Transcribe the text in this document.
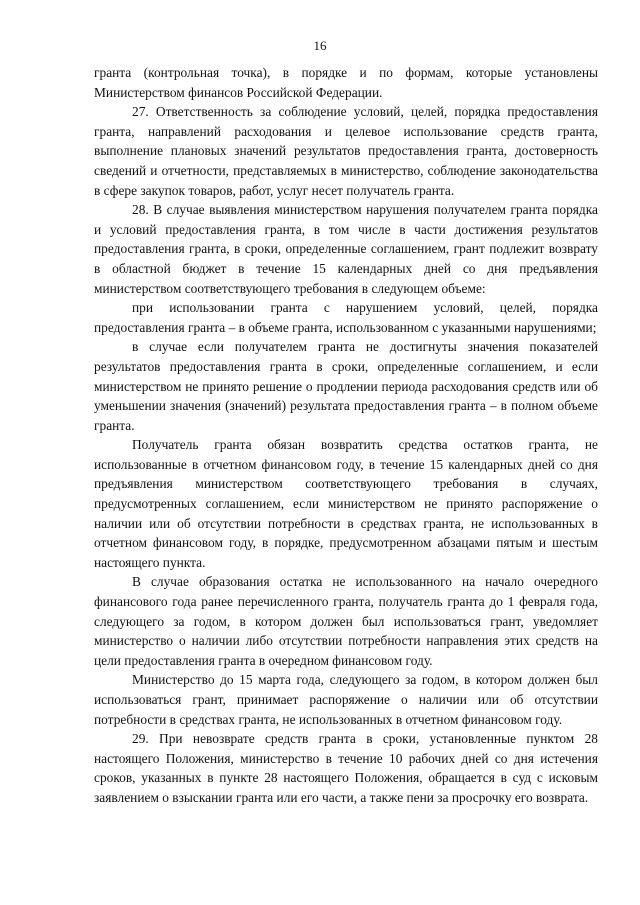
16

гранта (контрольная точка), в порядке и по формам, которые установлены Министерством финансов Российской Федерации.

27. Ответственность за соблюдение условий, целей, порядка предоставления гранта, направлений расходования и целевое использование средств гранта, выполнение плановых значений результатов предоставления гранта, достоверность сведений и отчетности, представляемых в министерство, соблюдение законодательства в сфере закупок товаров, работ, услуг несет получатель гранта.

28. В случае выявления министерством нарушения получателем гранта порядка и условий предоставления гранта, в том числе в части достижения результатов предоставления гранта, в сроки, определенные соглашением, грант подлежит возврату в областной бюджет в течение 15 календарных дней со дня предъявления министерством соответствующего требования в следующем объеме:

при использовании гранта с нарушением условий, целей, порядка предоставления гранта – в объеме гранта, использованном с указанными нарушениями;

в случае если получателем гранта не достигнуты значения показателей результатов предоставления гранта в сроки, определенные соглашением, и если министерством не принято решение о продлении периода расходования средств или об уменьшении значения (значений) результата предоставления гранта – в полном объеме гранта.

Получатель гранта обязан возвратить средства остатков гранта, не использованные в отчетном финансовом году, в течение 15 календарных дней со дня предъявления министерством соответствующего требования в случаях, предусмотренных соглашением, если министерством не принято распоряжение о наличии или об отсутствии потребности в средствах гранта, не использованных в отчетном финансовом году, в порядке, предусмотренном абзацами пятым и шестым настоящего пункта.

В случае образования остатка не использованного на начало очередного финансового года ранее перечисленного гранта, получатель гранта до 1 февраля года, следующего за годом, в котором должен был использоваться грант, уведомляет министерство о наличии либо отсутствии потребности направления этих средств на цели предоставления гранта в очередном финансовом году.

Министерство до 15 марта года, следующего за годом, в котором должен был использоваться грант, принимает распоряжение о наличии или об отсутствии потребности в средствах гранта, не использованных в отчетном финансовом году.

29. При невозврате средств гранта в сроки, установленные пунктом 28 настоящего Положения, министерство в течение 10 рабочих дней со дня истечения сроков, указанных в пункте 28 настоящего Положения, обращается в суд с исковым заявлением о взыскании гранта или его части, а также пени за просрочку его возврата.
